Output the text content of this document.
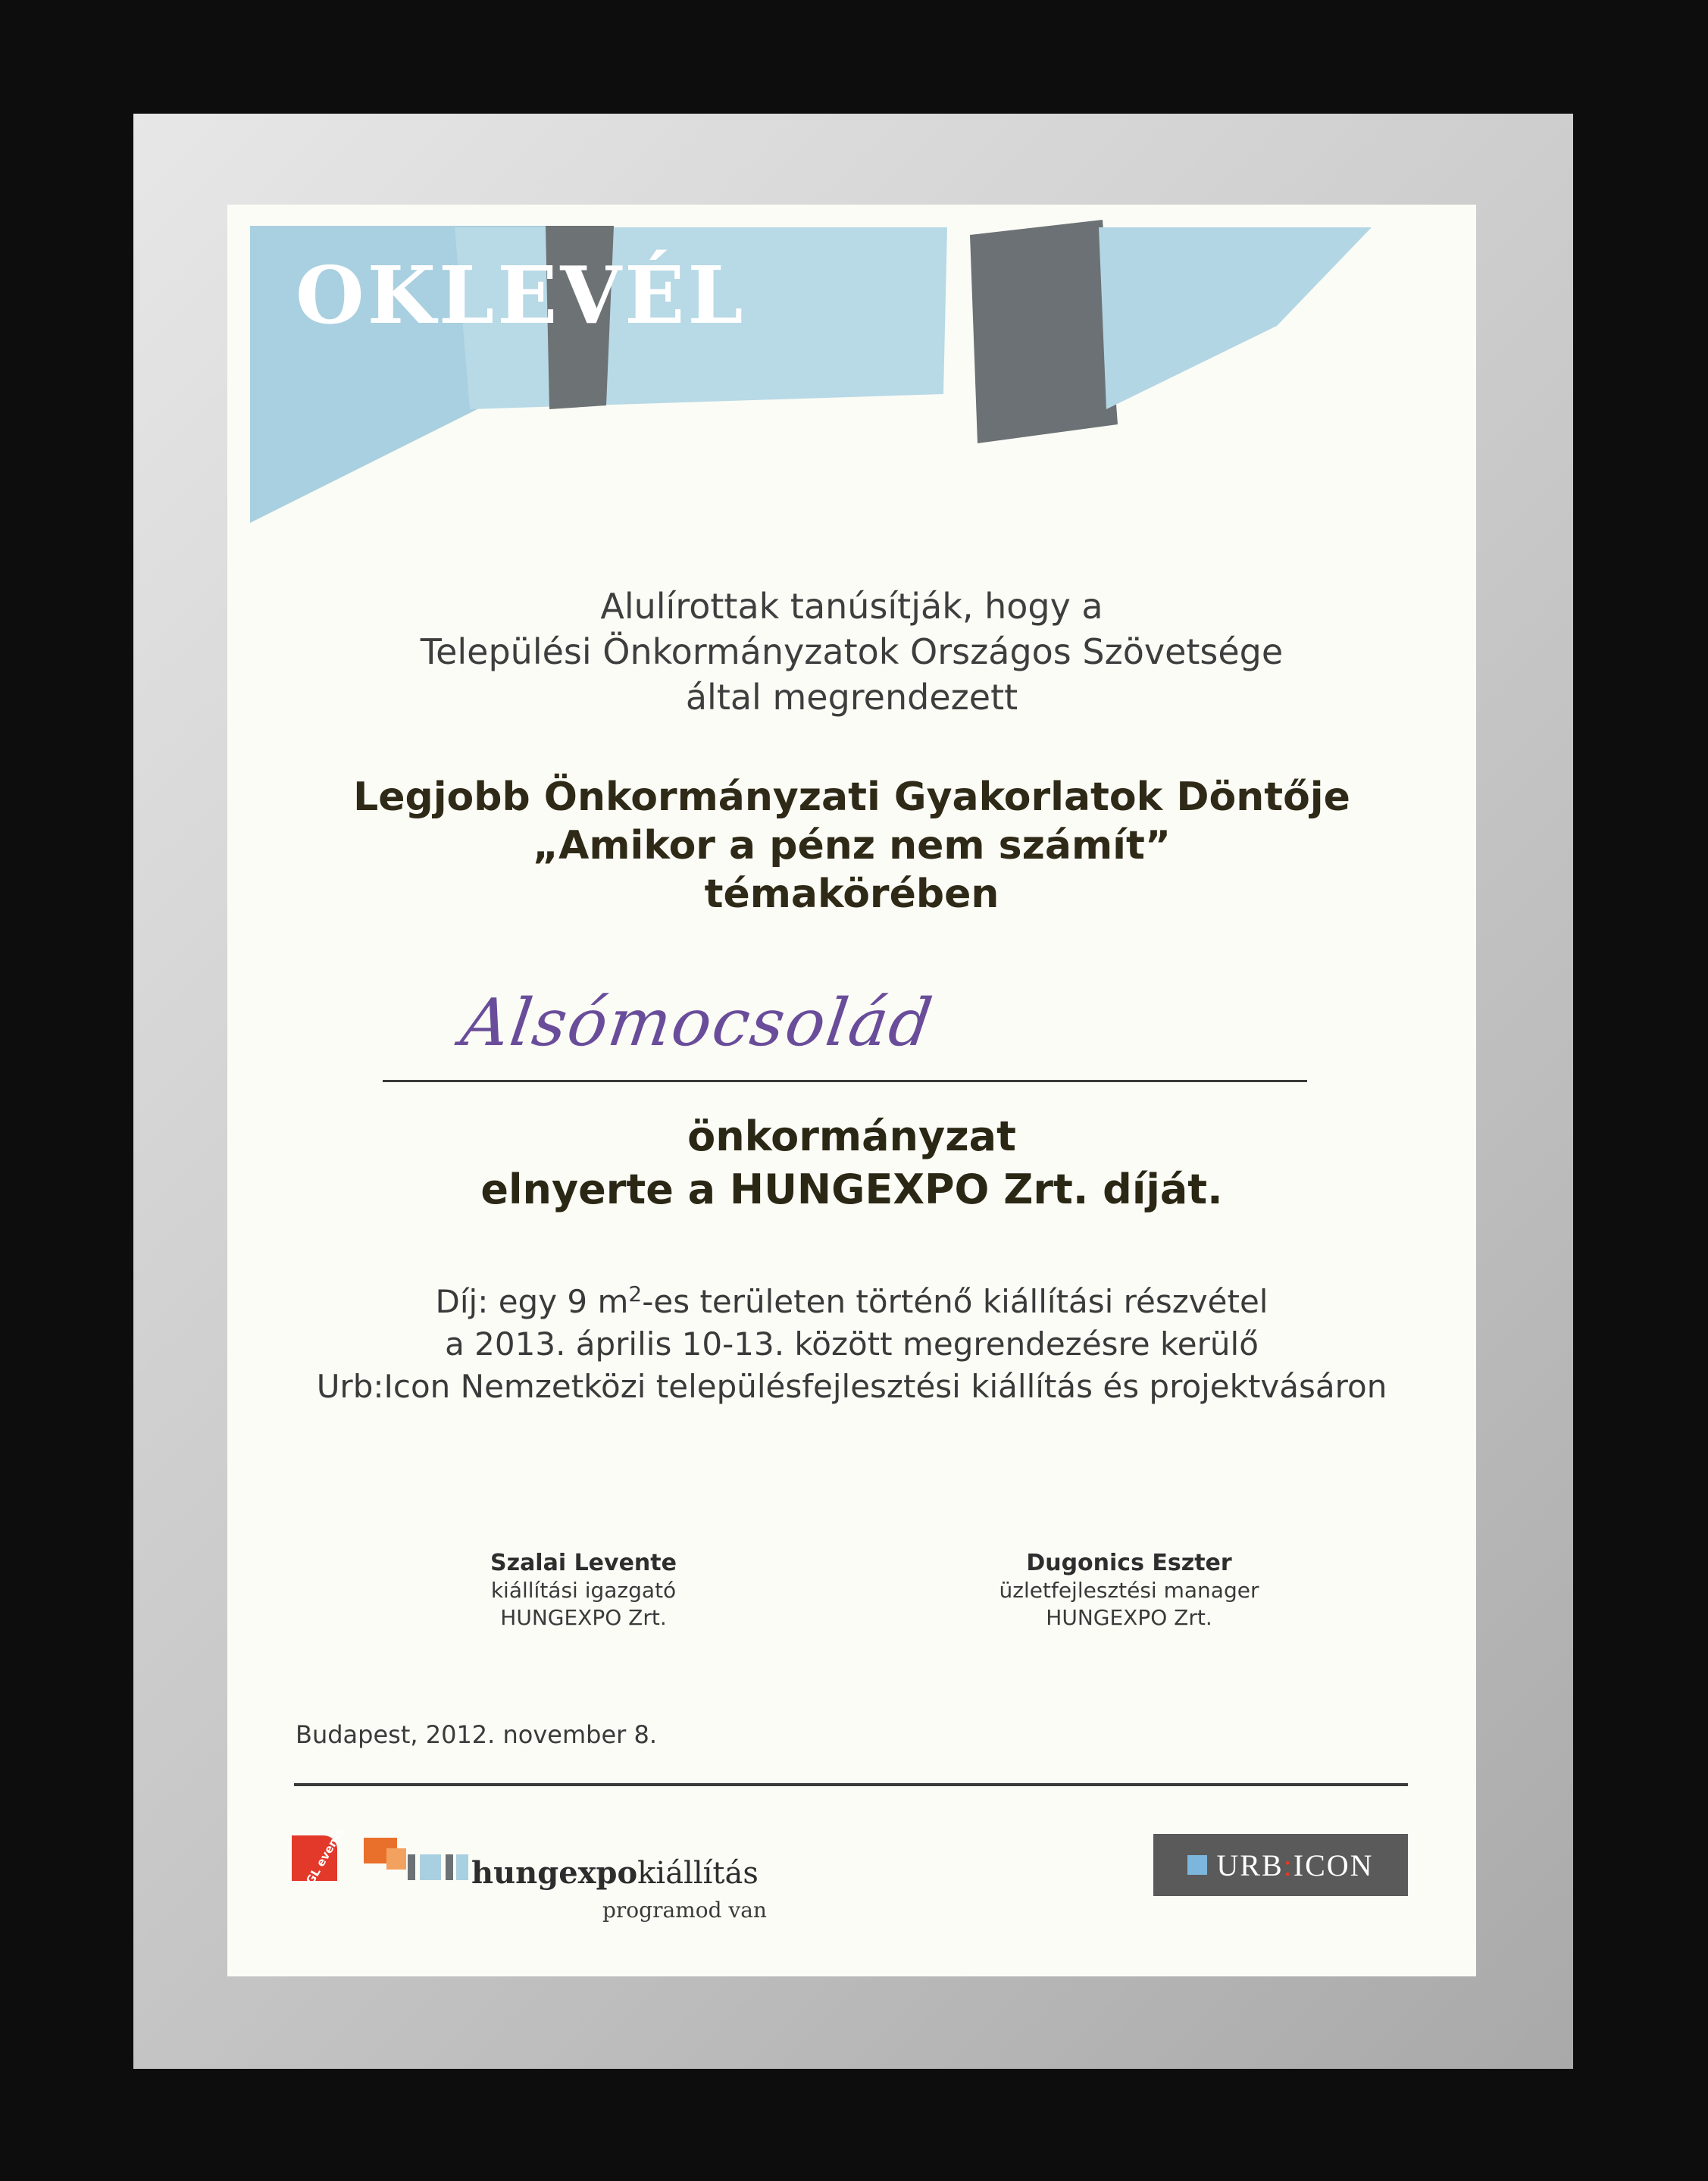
OKLEVÉL
Alulírottak tanúsítják, hogy a
Települési Önkormányzatok Országos Szövetsége
által megrendezett
Legjobb Önkormányzati Gyakorlatok Döntője
„Amikor a pénz nem számít”
témakörében
Alsómocsolád
önkormányzat
elnyerte a HUNGEXPO Zrt. díját.
Díj: egy 9 $m^2-es$ területen történő kiállítási részvétel
a 2013. április 10-13. között megrendezésre kerülő
Urb:Icon Nemzetközi településfejlesztési kiállítás és projektvásáron
Szalai Levente
kiállítási igazgató
HUNGEXPO Zrt.
Dugonics Eszter
üzletfejlesztési manager
HUNGEXPO Zrt.
Budapest, 2012. november 8.
GL events	hungexpokiállítás
programod van
URB:ICON
